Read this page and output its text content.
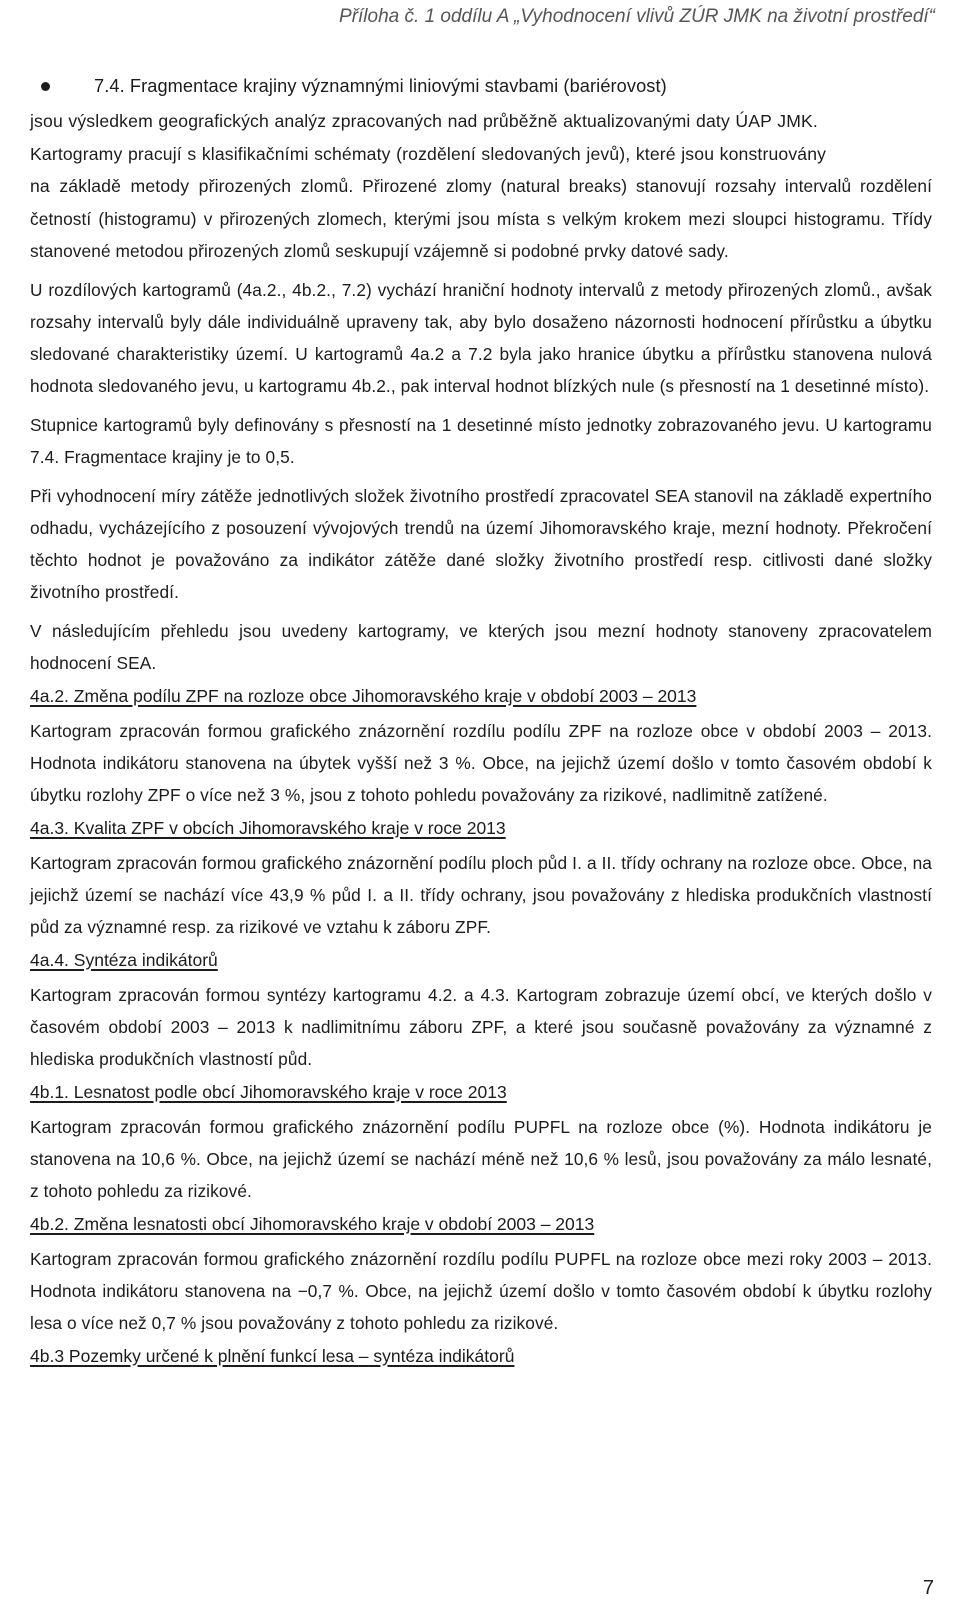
Příloha č. 1 oddílu A „Vyhodnocení vlivů ZÚR JMK na životní prostředí“
7.4. Fragmentace krajiny významnými liniovými stavbami (bariérovost)
jsou výsledkem geografických analýz zpracovaných nad průběžně aktualizovanými daty ÚAP JMK.
Kartogramy pracují s klasifikačními schématy (rozdělení sledovaných jevů), které jsou konstruovány

na základě metody přirozených zlomů. Přirozené zlomy (natural breaks) stanovují rozsahy intervalů rozdělení četností (histogramu) v přirozených zlomech, kterými jsou místa s velkým krokem mezi sloupci histogramu. Třídy stanovené metodou přirozených zlomů seskupují vzájemně si podobné prvky datové sady.

U rozdílových kartogramů (4a.2., 4b.2., 7.2) vychází hraniční hodnoty intervalů z metody přirozených zlomů., avšak rozsahy intervalů byly dále individuálně upraveny tak, aby bylo dosaženo názornosti hodnocení přírůstku a úbytku sledované charakteristiky území. U kartogramů 4a.2 a 7.2 byla jako hranice úbytku a přírůstku stanovena nulová hodnota sledovaného jevu, u kartogramu 4b.2., pak interval hodnot blízkých nule (s přesností na 1 desetinné místo).

Stupnice kartogramů byly definovány s přesností na 1 desetinné místo jednotky zobrazovaného jevu. U kartogramu 7.4. Fragmentace krajiny je to 0,5.

Při vyhodnocení míry zátěže jednotlivých složek životního prostředí zpracovatel SEA stanovil na základě expertního odhadu, vycházejícího z posouzení vývojových trendů na území Jihomoravského kraje, mezní hodnoty. Překročení těchto hodnot je považováno za indikátor zátěže dané složky životního prostředí resp. citlivosti dané složky životního prostředí.

V následujícím přehledu jsou uvedeny kartogramy, ve kterých jsou mezní hodnoty stanoveny zpracovatelem hodnocení SEA.

4a.2. Změna podílu ZPF na rozloze obce Jihomoravského kraje v období 2003 – 2013

Kartogram zpracován formou grafického znázornění rozdílu podílu ZPF na rozloze obce v období 2003 – 2013. Hodnota indikátoru stanovena na úbytek vyšší než 3 %. Obce, na jejichž území došlo v tomto časovém období k úbytku rozlohy ZPF o více než 3 %, jsou z tohoto pohledu považovány za rizikové, nadlimitně zatížené.

4a.3. Kvalita ZPF v obcích Jihomoravského kraje v roce 2013

Kartogram zpracován formou grafického znázornění podílu ploch půd I. a II. třídy ochrany na rozloze obce. Obce, na jejichž území se nachází více 43,9 % půd I. a II. třídy ochrany, jsou považovány z hlediska produkčních vlastností půd za významné resp. za rizikové ve vztahu k záboru ZPF.

4a.4. Syntéza indikátorů

Kartogram zpracován formou syntézy kartogramu 4.2. a 4.3. Kartogram zobrazuje území obcí, ve kterých došlo v časovém období 2003 – 2013 k nadlimitnímu záboru ZPF, a které jsou současně považovány za významné z hlediska produkčních vlastností půd.

4b.1. Lesnatost podle obcí Jihomoravského kraje v roce 2013

Kartogram zpracován formou grafického znázornění podílu PUPFL na rozloze obce (%). Hodnota indikátoru je stanovena na 10,6 %. Obce, na jejichž území se nachází méně než 10,6 % lesů, jsou považovány za málo lesnaté, z tohoto pohledu za rizikové.

4b.2. Změna lesnatosti obcí Jihomoravského kraje v období 2003 – 2013

Kartogram zpracován formou grafického znázornění rozdílu podílu PUPFL na rozloze obce mezi roky 2003 – 2013. Hodnota indikátoru stanovena na −0,7 %. Obce, na jejichž území došlo v tomto časovém období k úbytku rozlohy lesa o více než 0,7 % jsou považovány z tohoto pohledu za rizikové.

4b.3 Pozemky určené k plnění funkcí lesa – syntéza indikátorů
7
